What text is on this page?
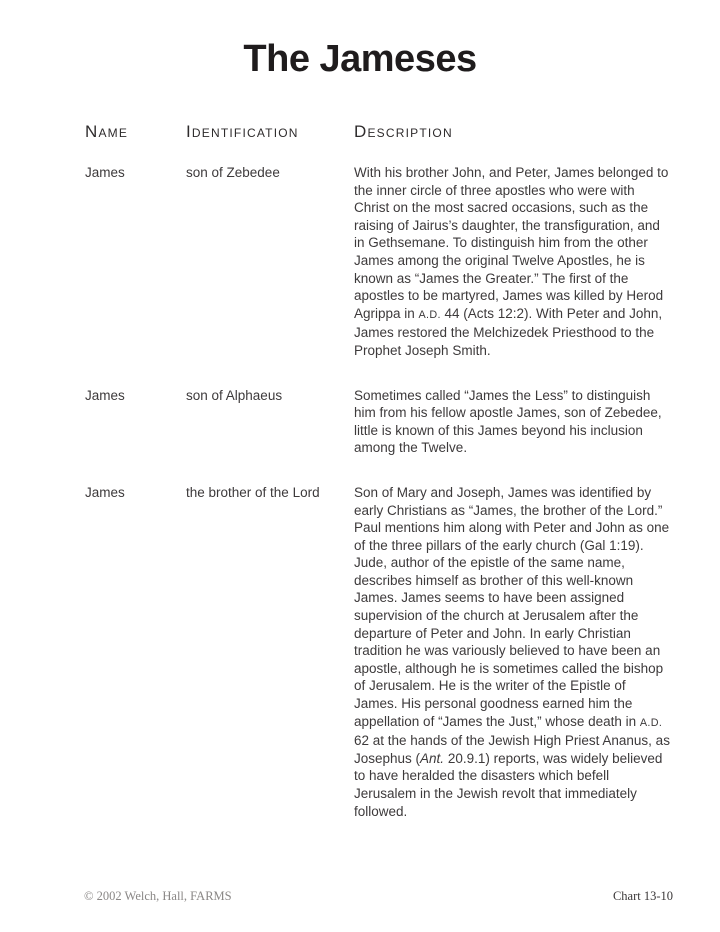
The Jameses
Name	Identification	Description
James	son of Zebedee	With his brother John, and Peter, James belonged to the inner circle of three apostles who were with Christ on the most sacred occasions, such as the raising of Jairus’s daughter, the transfiguration, and in Gethsemane. To distinguish him from the other James among the original Twelve Apostles, he is known as “James the Greater.” The first of the apostles to be martyred, James was killed by Herod Agrippa in A.D. 44 (Acts 12:2). With Peter and John, James restored the Melchizedek Priesthood to the Prophet Joseph Smith.
James	son of Alphaeus	Sometimes called “James the Less” to distinguish him from his fellow apostle James, son of Zebedee, little is known of this James beyond his inclusion among the Twelve.
James	the brother of the Lord	Son of Mary and Joseph, James was identified by early Christians as “James, the brother of the Lord.” Paul mentions him along with Peter and John as one of the three pillars of the early church (Gal 1:19). Jude, author of the epistle of the same name, describes himself as brother of this well-known James. James seems to have been assigned supervision of the church at Jerusalem after the departure of Peter and John. In early Christian tradition he was variously believed to have been an apostle, although he is sometimes called the bishop of Jerusalem. He is the writer of the Epistle of James. His personal goodness earned him the appellation of “James the Just,” whose death in A.D. 62 at the hands of the Jewish High Priest Ananus, as Josephus (Ant. 20.9.1) reports, was widely believed to have heralded the disasters which befell Jerusalem in the Jewish revolt that immediately followed.
© 2002 Welch, Hall, FARMS	Chart 13-10
